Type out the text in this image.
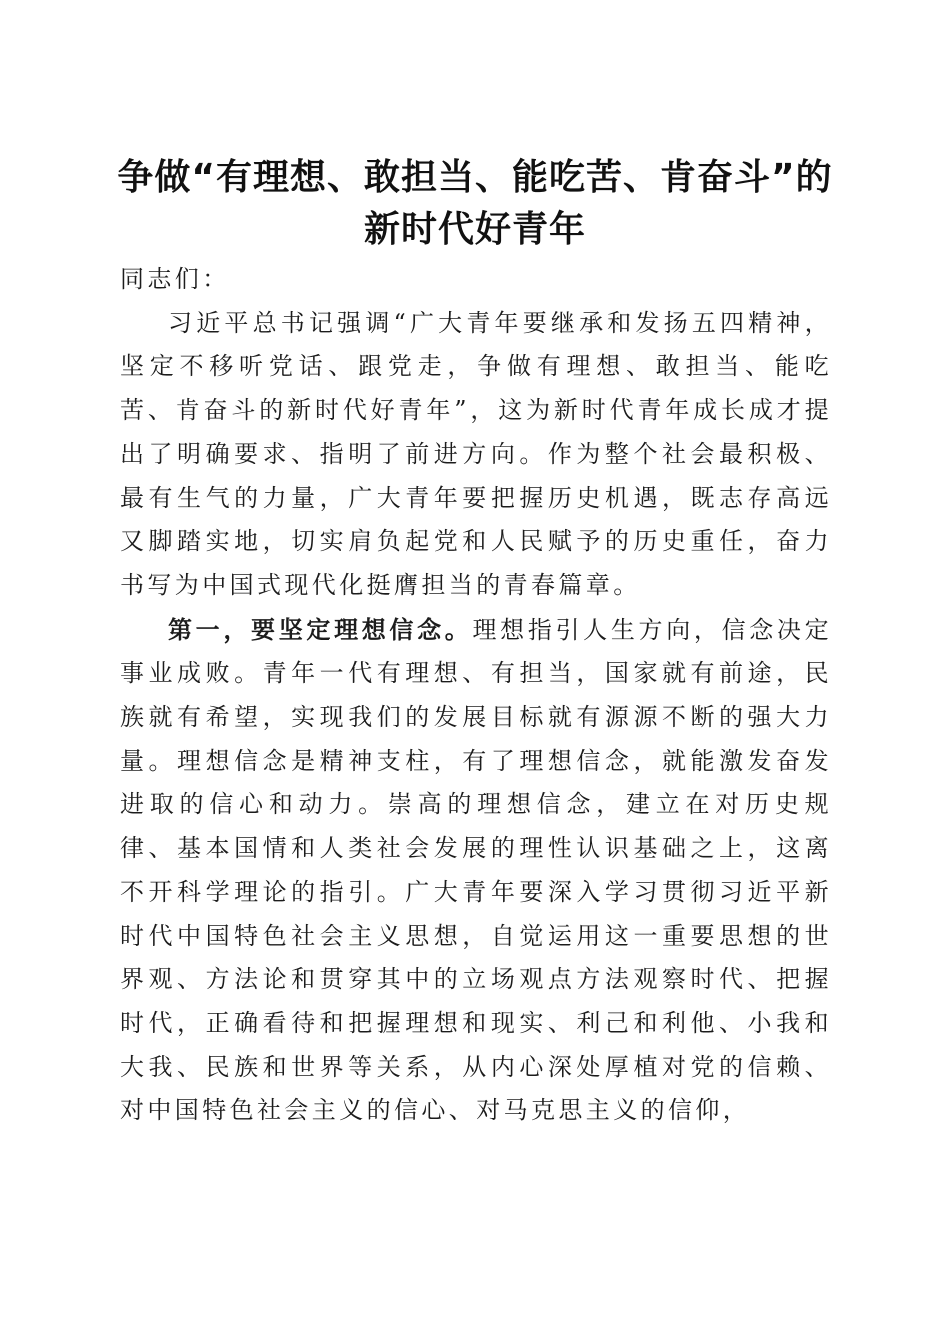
争做“有理想、敢担当、能吃苦、肯奋斗”的
新时代好青年

同志们：

习近平总书记强调“广大青年要继承和发扬五四精神，坚定不移听党话、跟党走，争做有理想、敢担当、能吃苦、肯奋斗的新时代好青年”，这为新时代青年成长成才提出了明确要求、指明了前进方向。作为整个社会最积极、最有生气的力量，广大青年要把握历史机遇，既志存高远又脚踏实地，切实肩负起党和人民赋予的历史重任，奋力书写为中国式现代化挺膺担当的青春篇章。

第一，要坚定理想信念。理想指引人生方向，信念决定事业成败。青年一代有理想、有担当，国家就有前途，民族就有希望，实现我们的发展目标就有源源不断的强大力量。理想信念是精神支柱，有了理想信念，就能激发奋发进取的信心和动力。崇高的理想信念，建立在对历史规律、基本国情和人类社会发展的理性认识基础之上，这离不开科学理论的指引。广大青年要深入学习贯彻习近平新时代中国特色社会主义思想，自觉运用这一重要思想的世界观、方法论和贯穿其中的立场观点方法观察时代、把握时代，正确看待和把握理想和现实、利己和利他、小我和大我、民族和世界等关系，从内心深处厚植对党的信赖、对中国特色社会主义的信心、对马克思主义的信仰，
